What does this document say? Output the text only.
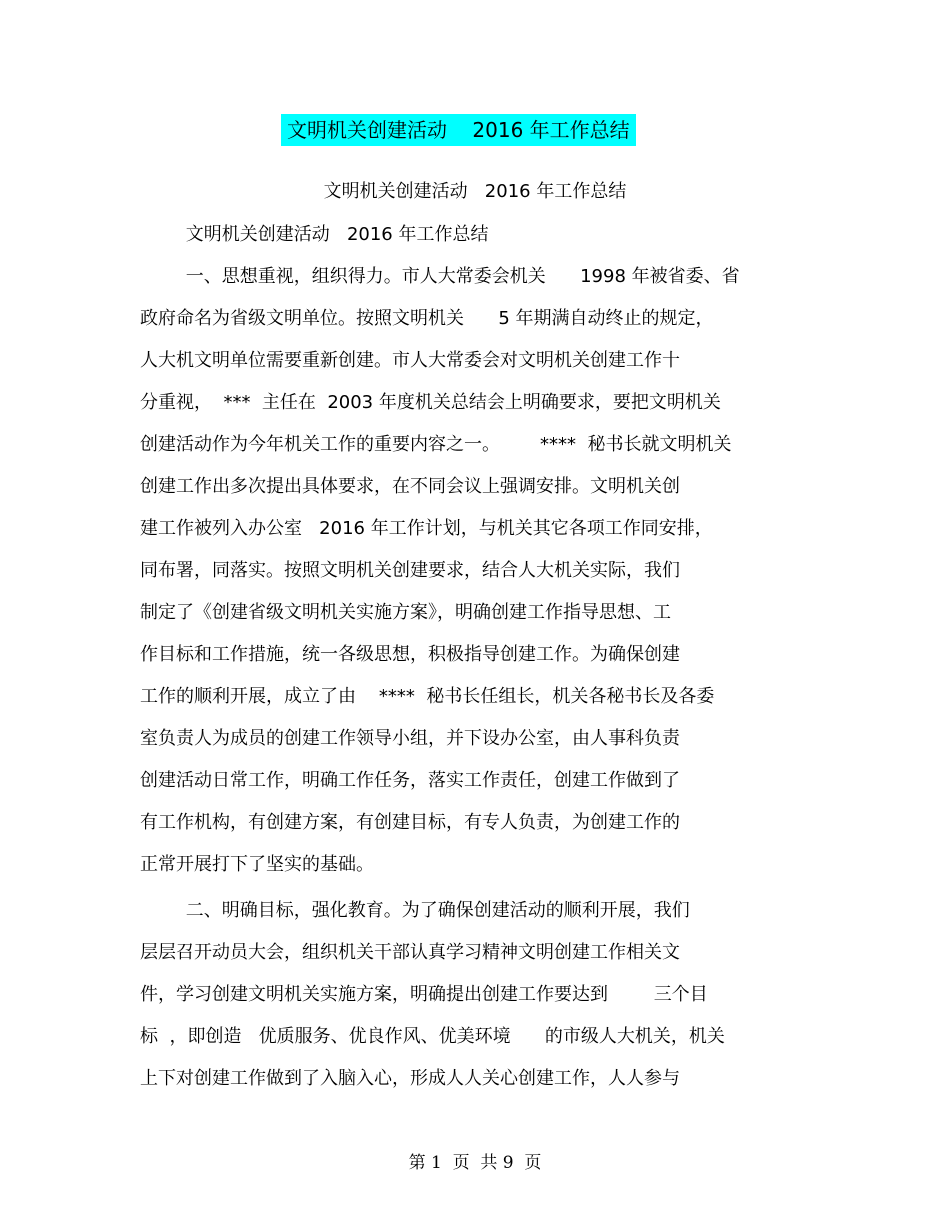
文明机关创建活动    2016 年工作总结
文明机关创建活动   2016 年工作总结
文明机关创建活动   2016 年工作总结
一、思想重视，组织得力。市人大常委会机关      1998 年被省委、省
政府命名为省级文明单位。按照文明机关      5 年期满自动终止的规定，
人大机文明单位需要重新创建。市人大常委会对文明机关创建工作十
分重视，  ***  主任在  2003 年度机关总结会上明确要求，要把文明机关
创建活动作为今年机关工作的重要内容之一。       ****  秘书长就文明机关
创建工作出多次提出具体要求，在不同会议上强调安排。文明机关创
建工作被列入办公室   2016 年工作计划，与机关其它各项工作同安排，
同布署，同落实。按照文明机关创建要求，结合人大机关实际，我们
制定了《创建省级文明机关实施方案》，明确创建工作指导思想、工
作目标和工作措施，统一各级思想，积极指导创建工作。为确保创建
工作的顺利开展，成立了由    ****  秘书长任组长，机关各秘书长及各委
室负责人为成员的创建工作领导小组，并下设办公室，由人事科负责
创建活动日常工作，明确工作任务，落实工作责任，创建工作做到了
有工作机构，有创建方案，有创建目标，有专人负责，为创建工作的
正常开展打下了坚实的基础。
二、明确目标，强化教育。为了确保创建活动的顺利开展，我们
层层召开动员大会，组织机关干部认真学习精神文明创建工作相关文
件，学习创建文明机关实施方案，明确提出创建工作要达到        三个目
标  ，即创造   优质服务、优良作风、优美环境      的市级人大机关，机关
上下对创建工作做到了入脑入心，形成人人关心创建工作，人人参与
第 1  页  共 9  页
